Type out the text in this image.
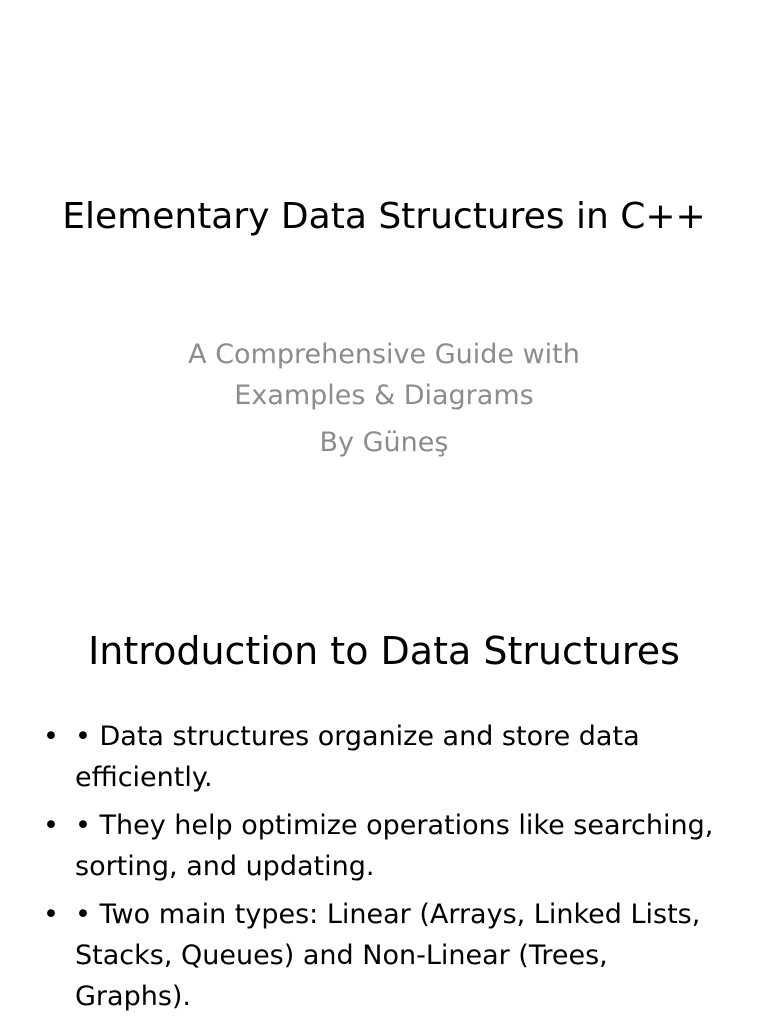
Elementary Data Structures in C++
A Comprehensive Guide with
Examples & Diagrams
By Güneş
Introduction to Data Structures
• • Data structures organize and store data efficiently.
• • They help optimize operations like searching, sorting, and updating.
• • Two main types: Linear (Arrays, Linked Lists, Stacks, Queues) and Non-Linear (Trees, Graphs).
